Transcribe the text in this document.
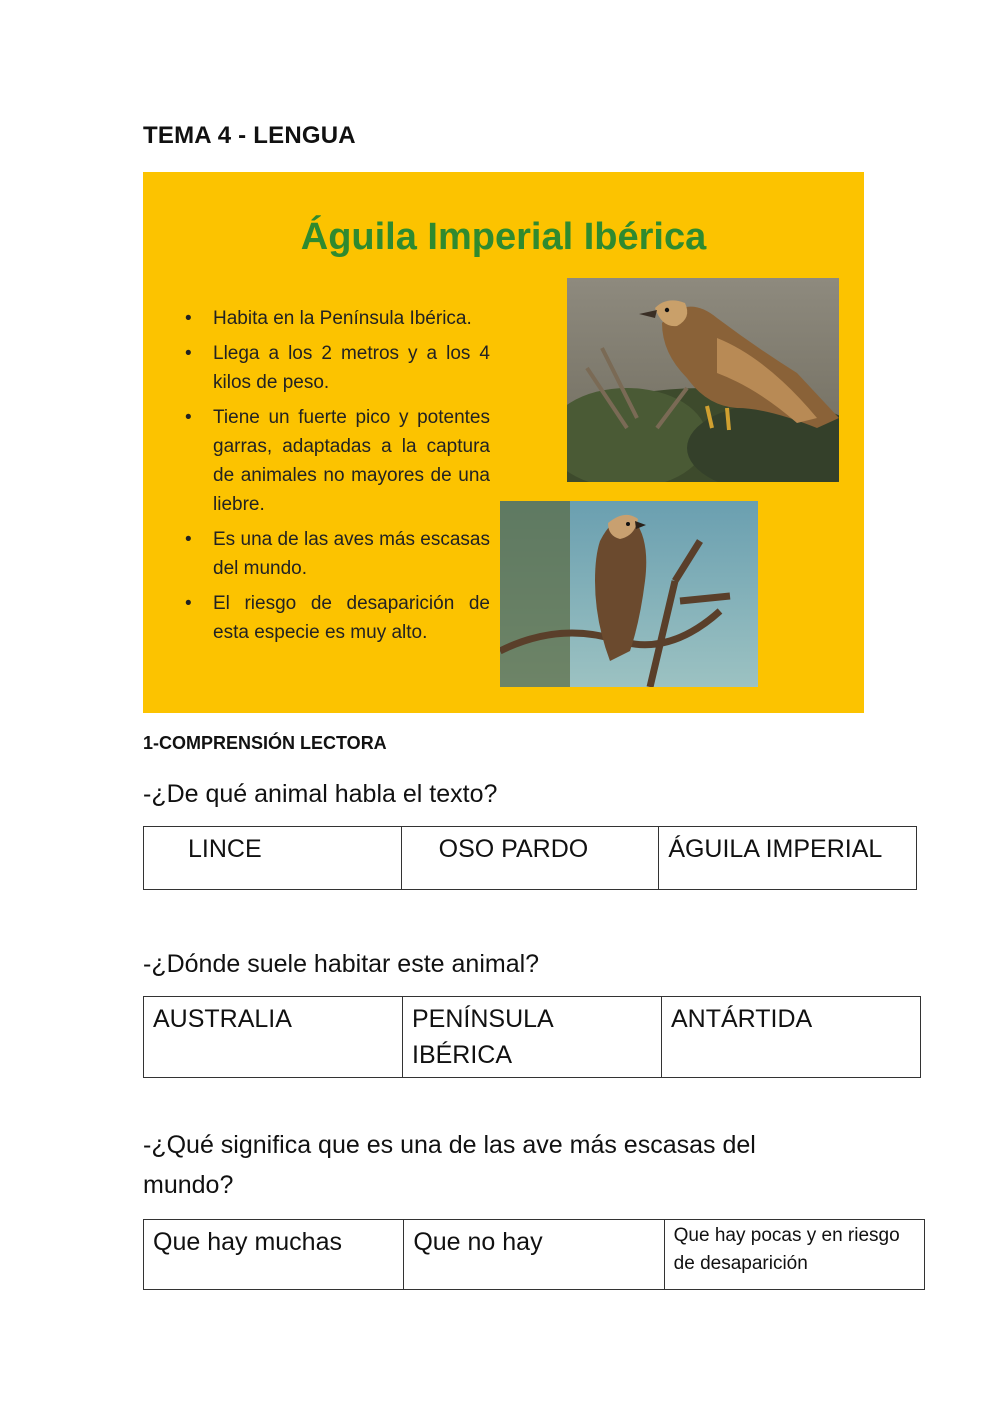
TEMA 4 - LENGUA
Águila Imperial Ibérica
• Habita en la Península Ibérica.
• Llega a los 2 metros y a los 4 kilos de peso.
• Tiene un fuerte pico y potentes garras, adaptadas a la captura de animales no mayores de una liebre.
• Es una de las aves más escasas del mundo.
• El riesgo de desaparición de esta especie es muy alto.
1-COMPRENSIÓN LECTORA
-¿De qué animal habla el texto?
LINCE	OSO PARDO	ÁGUILA IMPERIAL
-¿Dónde suele habitar este animal?
AUSTRALIA	PENÍNSULA IBÉRICA	ANTÁRTIDA
-¿Qué significa que es una de las ave más escasas del mundo?
Que hay muchas	Que no hay	Que hay pocas y en riesgo de desaparición
